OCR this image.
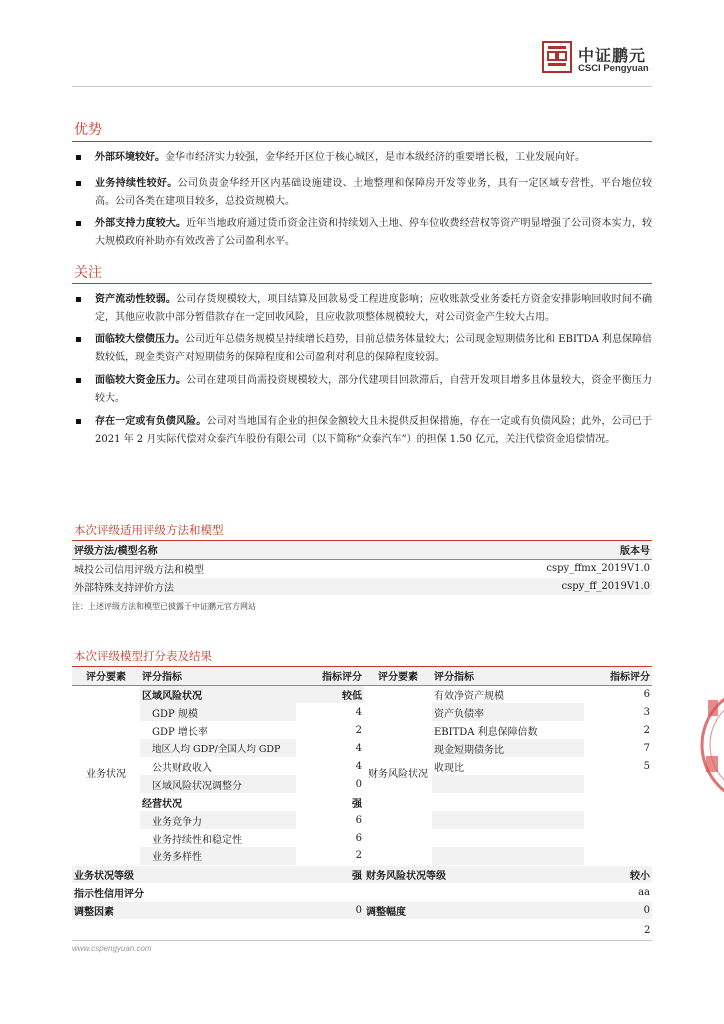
中证鹏元
CSCI Pengyuan
优势
外部环境较好。金华市经济实力较强，金华经开区位于核心城区，是市本级经济的重要增长极，工业发展向好。
业务持续性较好。公司负责金华经开区内基础设施建设、土地整理和保障房开发等业务，具有一定区域专营性，平台地位较高。公司各类在建项目较多，总投资规模大。
外部支持力度较大。近年当地政府通过货币资金注资和持续划入土地、停车位收费经营权等资产明显增强了公司资本实力，较大规模政府补助亦有效改善了公司盈利水平。
关注
资产流动性较弱。公司存货规模较大，项目结算及回款易受工程进度影响；应收账款受业务委托方资金安排影响回收时间不确定，其他应收款中部分暂借款存在一定回收风险，且应收款项整体规模较大，对公司资金产生较大占用。
面临较大偿债压力。公司近年总债务规模呈持续增长趋势，目前总债务体量较大；公司现金短期债务比和 EBITDA 利息保障倍数较低，现金类资产对短期债务的保障程度和公司盈利对利息的保障程度较弱。
面临较大资金压力。公司在建项目尚需投资规模较大，部分代建项目回款滞后，自营开发项目增多且体量较大，资金平衡压力较大。
存在一定或有负债风险。公司对当地国有企业的担保金额较大且未提供反担保措施，存在一定或有负债风险；此外，公司已于 2021 年 2 月实际代偿对众泰汽车股份有限公司（以下简称“众泰汽车”）的担保 1.50 亿元，关注代偿资金追偿情况。
本次评级适用评级方法和模型
评级方法/模型名称	版本号
城投公司信用评级方法和模型	cspy_ffmx_2019V1.0
外部特殊支持评价方法	cspy_ff_2019V1.0
注：上述评级方法和模型已披露于中证鹏元官方网站
本次评级模型打分表及结果
评分要素	评分指标	指标评分	评分要素	评分指标	指标评分
业务状况	区域风险状况	较低	财务风险状况	有效净资产规模	6
	GDP 规模	4		资产负债率	3
	GDP 增长率	2		EBITDA 利息保障倍数	2
	地区人均 GDP/全国人均 GDP	4		现金短期债务比	7
	公共财政收入	4		收现比	5
	区域风险状况调整分	0			
	经营状况	强			
	业务竞争力	6			
	业务持续性和稳定性	6			
	业务多样性	2			
业务状况等级		强	财务风险状况等级		较小
指示性信用评分					aa
调整因素		0	调整幅度		0
2
www.cspengyuan.com
